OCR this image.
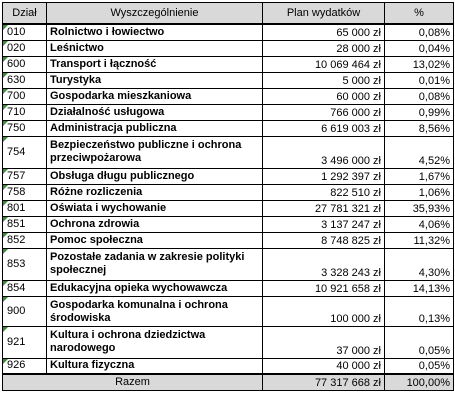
Dział	Wyszczególnienie	Plan wydatków	%

010	Rolnictwo i łowiectwo	65 000 zł	0,08%

020	Leśnictwo	28 000 zł	0,04%

600	Transport i łączność	10 069 464 zł	13,02%

630	Turystyka	5 000 zł	0,01%

700	Gospodarka mieszkaniowa	60 000 zł	0,08%

710	Działalność usługowa	766 000 zł	0,99%

750	Administracja publiczna	6 619 003 zł	8,56%

754	Bezpieczeństwo publiczne i ochrona przeciwpożarowa	3 496 000 zł	4,52%

757	Obsługa długu publicznego	1 292 397 zł	1,67%

758	Różne rozliczenia	822 510 zł	1,06%

801	Oświata i wychowanie	27 781 321 zł	35,93%

851	Ochrona zdrowia	3 137 247 zł	4,06%

852	Pomoc społeczna	8 748 825 zł	11,32%

853	Pozostałe zadania w zakresie polityki społecznej	3 328 243 zł	4,30%

854	Edukacyjna opieka wychowawcza	10 921 658 zł	14,13%

900	Gospodarka komunalna i ochrona środowiska	100 000 zł	0,13%

921	Kultura i ochrona dziedzictwa narodowego	37 000 zł	0,05%

926	Kultura fizyczna	40 000 zł	0,05%
Razem		77 317 668 zł	100,00%
